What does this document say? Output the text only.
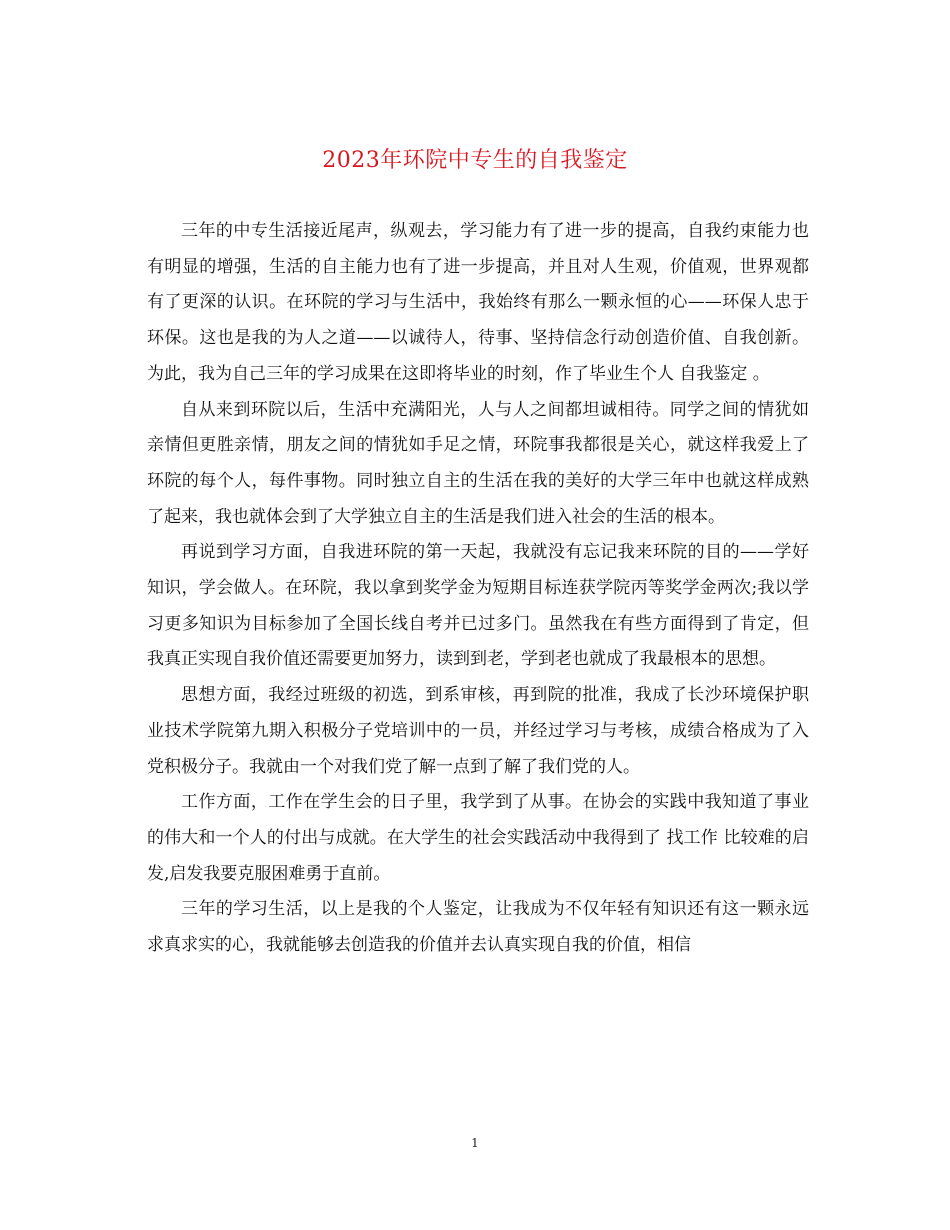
2023年环院中专生的自我鉴定

三年的中专生活接近尾声，纵观去，学习能力有了进一步的提高，自我约束能力也有明显的增强，生活的自主能力也有了进一步提高，并且对人生观，价值观，世界观都有了更深的认识。在环院的学习与生活中，我始终有那么一颗永恒的心——环保人忠于环保。这也是我的为人之道——以诚待人，待事、坚持信念行动创造价值、自我创新。 为此，我为自己三年的学习成果在这即将毕业的时刻，作了毕业生个人 自我鉴定 。

自从来到环院以后，生活中充满阳光，人与人之间都坦诚相待。同学之间的情犹如亲情但更胜亲情，朋友之间的情犹如手足之情，环院事我都很是关心，就这样我爱上了环院的每个人，每件事物。同时独立自主的生活在我的美好的大学三年中也就这样成熟了起来，我也就体会到了大学独立自主的生活是我们进入社会的生活的根本。

再说到学习方面，自我进环院的第一天起，我就没有忘记我来环院的目的——学好知识，学会做人。在环院，我以拿到奖学金为短期目标连获学院丙等奖学金两次;我以学习更多知识为目标参加了全国长线自考并已过多门。虽然我在有些方面得到了肯定，但我真正实现自我价值还需要更加努力，读到到老，学到老也就成了我最根本的思想。

思想方面，我经过班级的初选，到系审核，再到院的批准，我成了长沙环境保护职业技术学院第九期入积极分子党培训中的一员，并经过学习与考核，成绩合格成为了入党积极分子。我就由一个对我们党了解一点到了解了我们党的人。

工作方面，工作在学生会的日子里，我学到了从事。在协会的实践中我知道了事业的伟大和一个人的付出与成就。在大学生的社会实践活动中我得到了 找工作 比较难的启发,启发我要克服困难勇于直前。

三年的学习生活，以上是我的个人鉴定，让我成为不仅年轻有知识还有这一颗永远求真求实的心，我就能够去创造我的价值并去认真实现自我的价值，相信

1
